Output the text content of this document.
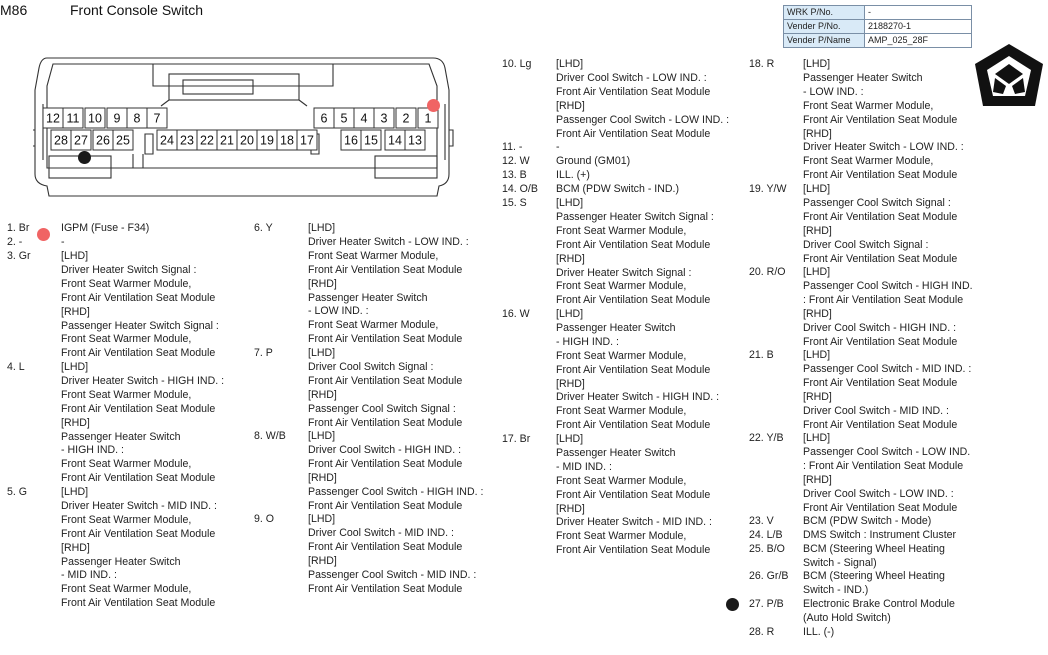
M86	Front Console Switch	WRK P/No.	-
Vender P/No.	2188270-1
Vender P/Name	AMP_025_28F
12 11 10 9 8 7	6 5 4 3 2 1
28 27 26 25 24 23 22 21 20 19 18 17 16 15 14 13
1. Br	IGPM (Fuse - F34)
2. -	-
3. Gr	[LHD]
Driver Heater Switch Signal :
Front Seat Warmer Module,
Front Air Ventilation Seat Module
[RHD]
Passenger Heater Switch Signal :
Front Seat Warmer Module,
Front Air Ventilation Seat Module
4. L	[LHD]
Driver Heater Switch - HIGH IND. :
Front Seat Warmer Module,
Front Air Ventilation Seat Module
[RHD]
Passenger Heater Switch
- HIGH IND. :
Front Seat Warmer Module,
Front Air Ventilation Seat Module
5. G	[LHD]
Driver Heater Switch - MID IND. :
Front Seat Warmer Module,
Front Air Ventilation Seat Module
[RHD]
Passenger Heater Switch
- MID IND. :
Front Seat Warmer Module,
Front Air Ventilation Seat Module
6. Y	[LHD]
Driver Heater Switch - LOW IND. :
Front Seat Warmer Module,
Front Air Ventilation Seat Module
[RHD]
Passenger Heater Switch
- LOW IND. :
Front Seat Warmer Module,
Front Air Ventilation Seat Module
7. P	[LHD]
Driver Cool Switch Signal :
Front Air Ventilation Seat Module
[RHD]
Passenger Cool Switch Signal :
Front Air Ventilation Seat Module
8. W/B [LHD]
Driver Cool Switch - HIGH IND. :
Front Air Ventilation Seat Module
[RHD]
Passenger Cool Switch - HIGH IND. :
Front Air Ventilation Seat Module
9. O	[LHD]
Driver Cool Switch - MID IND. :
Front Air Ventilation Seat Module
[RHD]
Passenger Cool Switch - MID IND. :
Front Air Ventilation Seat Module
10. Lg [LHD]
Driver Cool Switch - LOW IND. :
Front Air Ventilation Seat Module
[RHD]
Passenger Cool Switch - LOW IND. :
Front Air Ventilation Seat Module
11. -	-
12. W Ground (GM01)
13. B	ILL. (+)
14. O/B BCM (PDW Switch - IND.)
15. S	[LHD]
Passenger Heater Switch Signal :
Front Seat Warmer Module,
Front Air Ventilation Seat Module
[RHD]
Driver Heater Switch Signal :
Front Seat Warmer Module,
Front Air Ventilation Seat Module
16. W [LHD]
Passenger Heater Switch
- HIGH IND. :
Front Seat Warmer Module,
Front Air Ventilation Seat Module
[RHD]
Driver Heater Switch - HIGH IND. :
Front Seat Warmer Module,
Front Air Ventilation Seat Module
17. Br [LHD]
Passenger Heater Switch
- MID IND. :
Front Seat Warmer Module,
Front Air Ventilation Seat Module
[RHD]
Driver Heater Switch - MID IND. :
Front Seat Warmer Module,
Front Air Ventilation Seat Module
18. R	[LHD]
Passenger Heater Switch
- LOW IND. :
Front Seat Warmer Module,
Front Air Ventilation Seat Module
[RHD]
Driver Heater Switch - LOW IND. :
Front Seat Warmer Module,
Front Air Ventilation Seat Module
19. Y/W [LHD]
Passenger Cool Switch Signal :
Front Air Ventilation Seat Module
[RHD]
Driver Cool Switch Signal :
Front Air Ventilation Seat Module
20. R/O [LHD]
Passenger Cool Switch - HIGH IND.
: Front Air Ventilation Seat Module
[RHD]
Driver Cool Switch - HIGH IND. :
Front Air Ventilation Seat Module
21. B	[LHD]
Passenger Cool Switch - MID IND. :
Front Air Ventilation Seat Module
[RHD]
Driver Cool Switch - MID IND. :
Front Air Ventilation Seat Module
22. Y/B [LHD]
Passenger Cool Switch - LOW IND.
: Front Air Ventilation Seat Module
[RHD]
Driver Cool Switch - LOW IND. :
Front Air Ventilation Seat Module
23. V	BCM (PDW Switch - Mode)
24. L/B DMS Switch : Instrument Cluster
25. B/O BCM (Steering Wheel Heating
Switch - Signal)
26. Gr/B BCM (Steering Wheel Heating
Switch - IND.)
27. P/B Electronic Brake Control Module
(Auto Hold Switch)
28. R	ILL. (-)
